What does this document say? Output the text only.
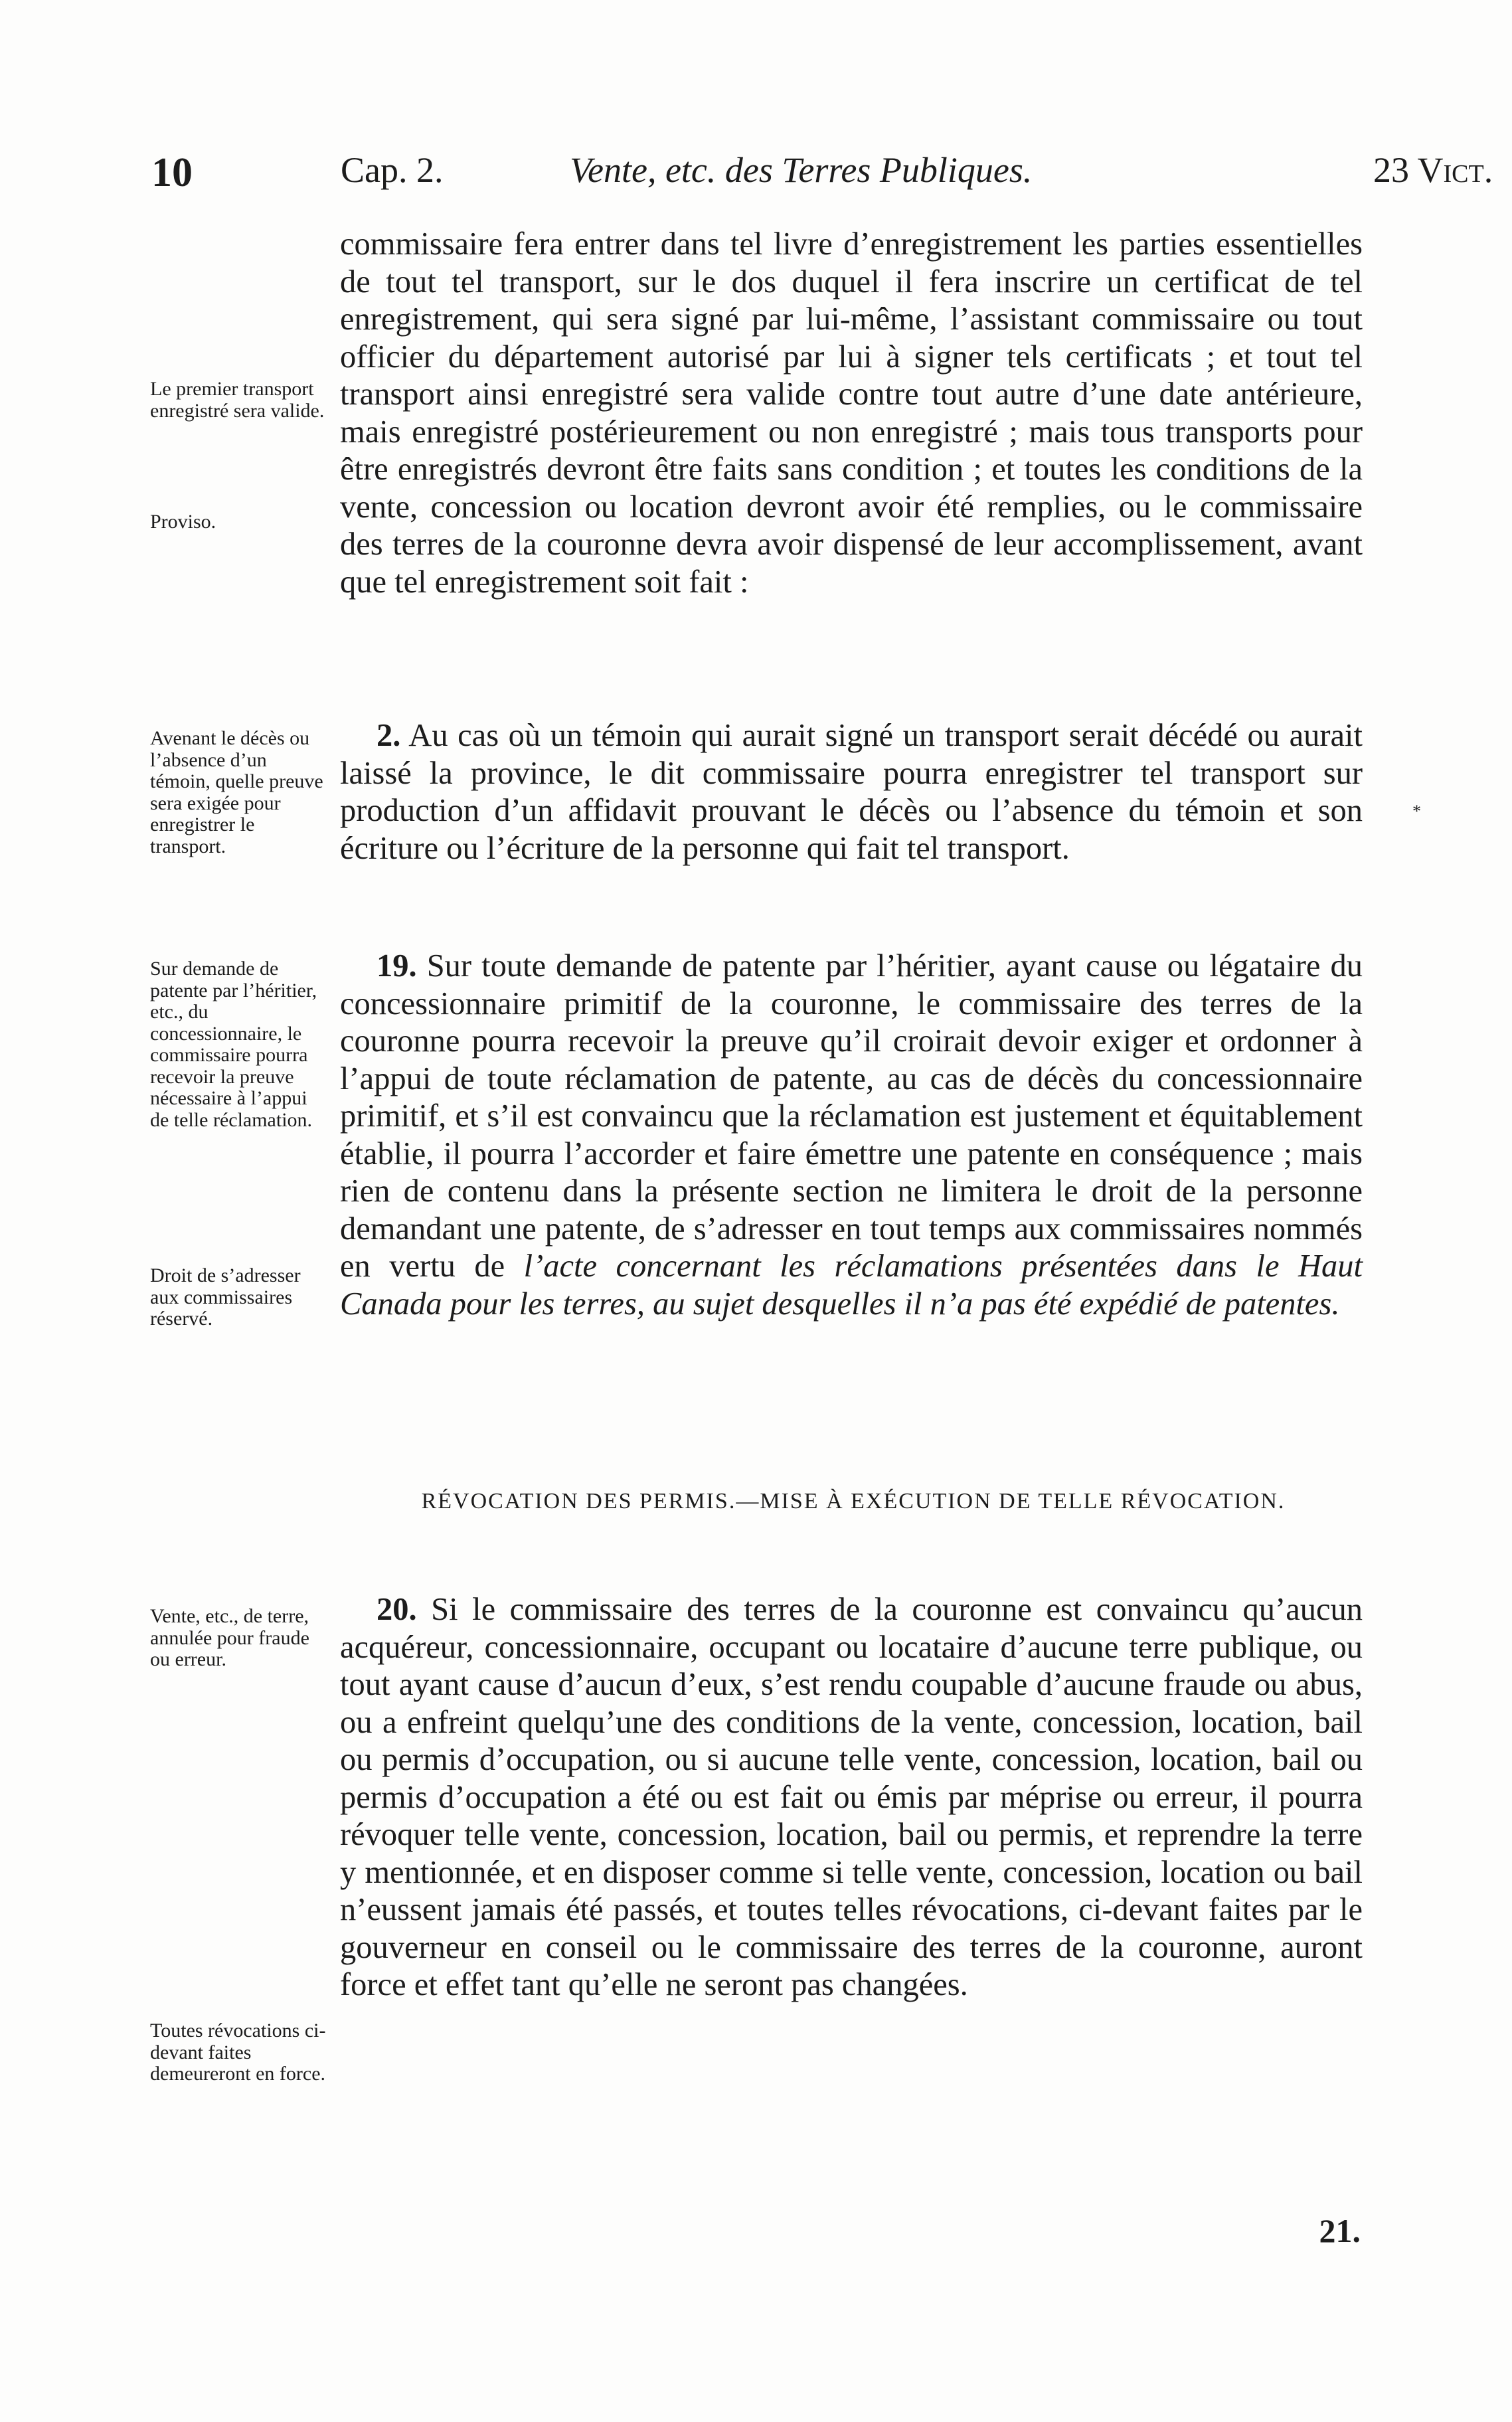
10	Cap. 2.	Vente, etc. des Terres Publiques.	23 Vict.
Le premier transport enregistré sera valide.
Proviso.
Avenant le décès ou l’absence d’un témoin, quelle preuve sera exigée pour enregistrer le transport.
Sur demande de patente par l’héritier, etc., du concessionnaire, le commissaire pourra recevoir la preuve nécessaire à l’appui de telle réclamation.
Droit de s’adresser aux commissaires réservé.
Vente, etc., de terre, annulée pour fraude ou erreur.
Toutes révocations ci-devant faites demeureront en force.

commissaire fera entrer dans tel livre d’enregistrement les parties essentielles de tout tel transport, sur le dos duquel il fera inscrire un certificat de tel enregistrement, qui sera signé par lui-même, l’assistant commissaire ou tout officier du département autorisé par lui à signer tels certificats ; et tout tel transport ainsi enregistré sera valide contre tout autre d’une date antérieure, mais enregistré postérieurement ou non enregistré ; mais tous transports pour être enregistrés devront être faits sans condition ; et toutes les conditions de la vente, concession ou location devront avoir été remplies, ou le commissaire des terres de la couronne devra avoir dispensé de leur accomplissement, avant que tel enregistrement soit fait :

2. Au cas où un témoin qui aurait signé un transport serait décédé ou aurait laissé la province, le dit commissaire pourra enregistrer tel transport sur production d’un affidavit prouvant le décès ou l’absence du témoin et son écriture ou l’écriture de la personne qui fait tel transport.

19. Sur toute demande de patente par l’héritier, ayant cause ou légataire du concessionnaire primitif de la couronne, le commissaire des terres de la couronne pourra recevoir la preuve qu’il croirait devoir exiger et ordonner à l’appui de toute réclamation de patente, au cas de décès du concessionnaire primitif, et s’il est convaincu que la réclamation est justement et équitablement établie, il pourra l’accorder et faire émettre une patente en conséquence ; mais rien de contenu dans la présente section ne limitera le droit de la personne demandant une patente, de s’adresser en tout temps aux commissaires nommés en vertu de l’acte concernant les réclamations présentées dans le Haut Canada pour les terres, au sujet desquelles il n’a pas été expédié de patentes.

RÉVOCATION DES PERMIS.—MISE À EXÉCUTION DE TELLE RÉVOCATION.

20. Si le commissaire des terres de la couronne est convaincu qu’aucun acquéreur, concessionnaire, occupant ou locataire d’aucune terre publique, ou tout ayant cause d’aucun d’eux, s’est rendu coupable d’aucune fraude ou abus, ou a enfreint quelqu’une des conditions de la vente, concession, location, bail ou permis d’occupation, ou si aucune telle vente, concession, location, bail ou permis d’occupation a été ou est fait ou émis par méprise ou erreur, il pourra révoquer telle vente, concession, location, bail ou permis, et reprendre la terre y mentionnée, et en disposer comme si telle vente, concession, location ou bail n’eussent jamais été passés, et toutes telles révocations, ci-devant faites par le gouverneur en conseil ou le commissaire des terres de la couronne, auront force et effet tant qu’elle ne seront pas changées.

*
21.
